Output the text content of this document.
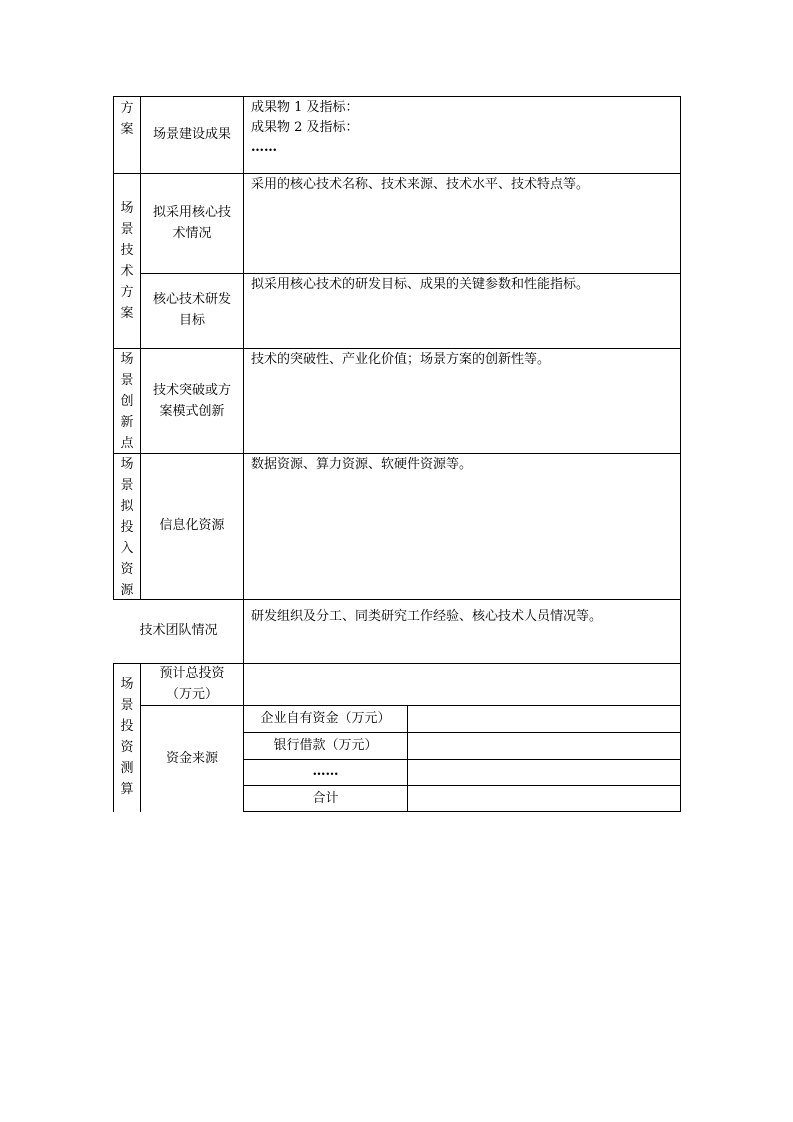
方
案	场景建设成果
成果物 1 及指标：
成果物 2 及指标：
……
场
景
技
术
方
案
拟采用核心技
术情况
采用的核心技术名称、技术来源、技术水平、技术特点等。
核心技术研发
目标
拟采用核心技术的研发目标、成果的关键参数和性能指标。
场
景
创
新
点
技术突破或方
案模式创新
技术的突破性、产业化价值；场景方案的创新性等。
场
景
拟
投
入
资
源
信息化资源
数据资源、算力资源、软硬件资源等。
技术团队情况
研发组织及分工、同类研究工作经验、核心技术人员情况等。
场
景
投
资
测
算
预计总投资
（万元）
资金来源
企业自有资金（万元）
银行借款（万元）
……
合计
